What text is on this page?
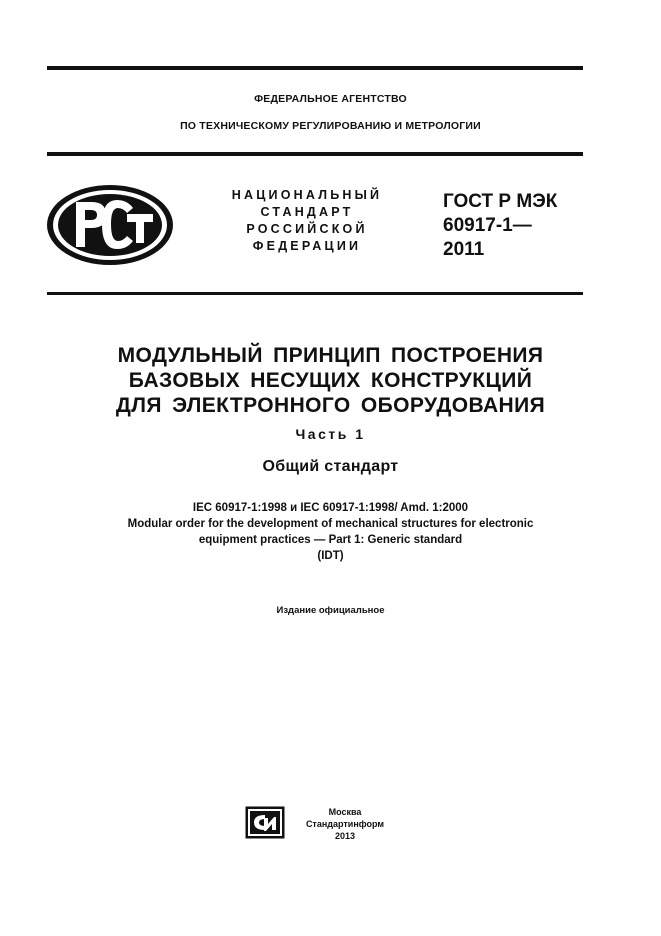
ФЕДЕРАЛЬНОЕ АГЕНТСТВО
ПО ТЕХНИЧЕСКОМУ РЕГУЛИРОВАНИЮ И МЕТРОЛОГИИ
НАЦИОНАЛЬНЫЙ
СТАНДАРТ
РОССИЙСКОЙ
ФЕДЕРАЦИИ
ГОСТ Р МЭК
60917-1—
2011
МОДУЛЬНЫЙ ПРИНЦИП ПОСТРОЕНИЯ
БАЗОВЫХ НЕСУЩИХ КОНСТРУКЦИЙ
ДЛЯ ЭЛЕКТРОННОГО ОБОРУДОВАНИЯ
Часть 1
Общий стандарт
IEC 60917-1:1998 и IEC 60917-1:1998/ Amd. 1:2000
Modular order for the development of mechanical structures for electronic
equipment practices — Part 1: Generic standard
(IDT)
Издание официальное
Москва
Стандартинформ
2013
